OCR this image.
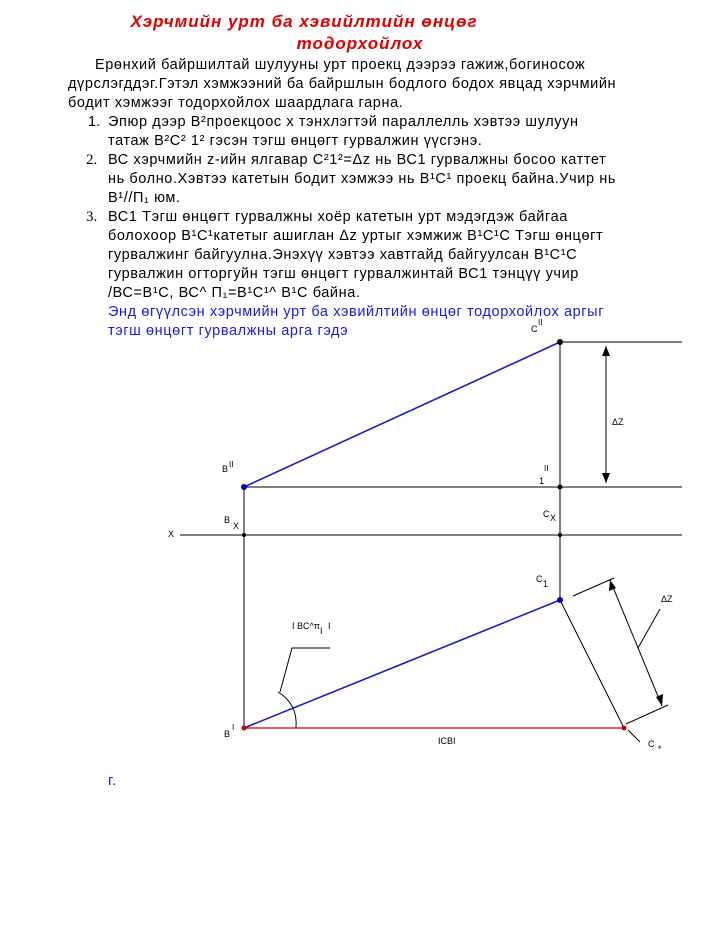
Хэрчмийн урт ба хэвийлтийн өнцөг
тодорхойлох
Ерөнхий байршилтай шулууны урт проекц дээрээ гажиж,богиносож
дүрслэгддэг.Гэтэл хэмжээний ба байршлын бодлого бодох явцад хэрчмийн
бодит хэмжээг тодорхойлох шаардлага гарна.
1. Эпюр дээр В²проекцоос х тэнхлэгтэй параллелль хэвтээ шулуун
татаж В²С² 1² гэсэн тэгш өнцөгт гурвалжин үүсгэнэ.
2. ВС хэрчмийн z-ийн ялгавар С²1²=Δz нь ВС1 гурвалжны босоо каттет
нь болно.Хэвтээ катетын бодит хэмжээ нь В¹С¹ проекц байна.Учир нь
В¹//П₁ юм.
3. ВС1 Тэгш өнцөгт гурвалжны хоёр катетын урт мэдэгдэж байгаа
болохоор В¹С¹катетыг ашиглан Δz уртыг хэмжиж В¹С¹С Тэгш өнцөгт
гурвалжинг байгуулна.Энэхүү хэвтээ хавтгайд байгуулсан В¹С¹С
гурвалжин огторгуйн тэгш өнцөгт гурвалжинтай ВС1 тэнцүү учир
/ВС=В¹С, ВС^ П₁=В¹С¹^ В¹С байна.
Энд өгүүлсэн хэрчмийн урт ба хэвийлтийн өнцөг тодорхойлох аргыг
тэгш өнцөгт гурвалжны арга гэдэ
г.
C
II
B II
1
II
B
X
C X
X
C 1
B
I
C *
ΔZ
ΔZ
I BC^π I I
ICBI
